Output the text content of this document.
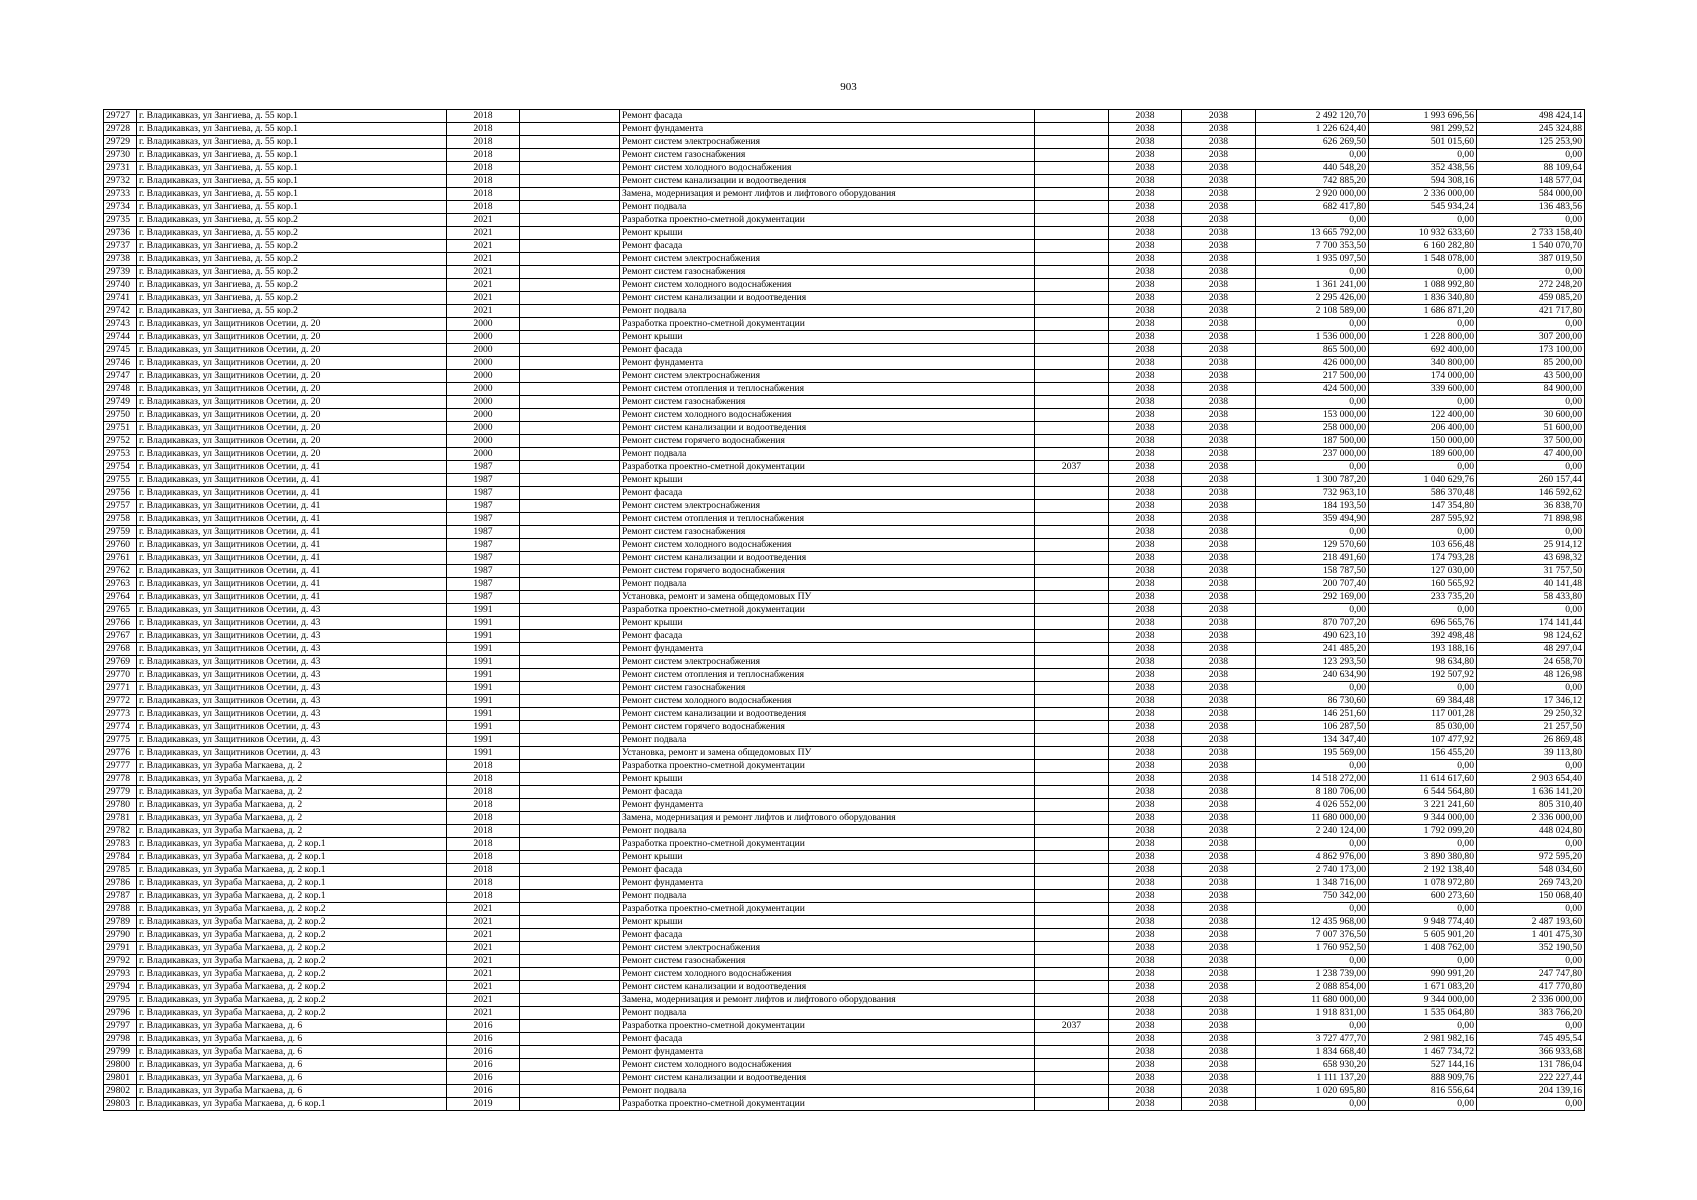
903
29727	г. Владикавказ, ул Зангиева, д. 55 кор.1	2018		Ремонт фасада		2038	2038	2 492 120,70	1 993 696,56	498 424,14
29728	г. Владикавказ, ул Зангиева, д. 55 кор.1	2018		Ремонт фундамента		2038	2038	1 226 624,40	981 299,52	245 324,88
29729	г. Владикавказ, ул Зангиева, д. 55 кор.1	2018		Ремонт систем электроснабжения		2038	2038	626 269,50	501 015,60	125 253,90
29730	г. Владикавказ, ул Зангиева, д. 55 кор.1	2018		Ремонт систем газоснабжения		2038	2038	0,00	0,00	0,00
29731	г. Владикавказ, ул Зангиева, д. 55 кор.1	2018		Ремонт систем холодного водоснабжения		2038	2038	440 548,20	352 438,56	88 109,64
29732	г. Владикавказ, ул Зангиева, д. 55 кор.1	2018		Ремонт систем канализации и водоотведения		2038	2038	742 885,20	594 308,16	148 577,04
29733	г. Владикавказ, ул Зангиева, д. 55 кор.1	2018		Замена, модернизация и ремонт лифтов и лифтового оборудования		2038	2038	2 920 000,00	2 336 000,00	584 000,00
29734	г. Владикавказ, ул Зангиева, д. 55 кор.1	2018		Ремонт подвала		2038	2038	682 417,80	545 934,24	136 483,56
29735	г. Владикавказ, ул Зангиева, д. 55 кор.2	2021		Разработка проектно-сметной документации		2038	2038	0,00	0,00	0,00
29736	г. Владикавказ, ул Зангиева, д. 55 кор.2	2021		Ремонт крыши		2038	2038	13 665 792,00	10 932 633,60	2 733 158,40
29737	г. Владикавказ, ул Зангиева, д. 55 кор.2	2021		Ремонт фасада		2038	2038	7 700 353,50	6 160 282,80	1 540 070,70
29738	г. Владикавказ, ул Зангиева, д. 55 кор.2	2021		Ремонт систем электроснабжения		2038	2038	1 935 097,50	1 548 078,00	387 019,50
29739	г. Владикавказ, ул Зангиева, д. 55 кор.2	2021		Ремонт систем газоснабжения		2038	2038	0,00	0,00	0,00
29740	г. Владикавказ, ул Зангиева, д. 55 кор.2	2021		Ремонт систем холодного водоснабжения		2038	2038	1 361 241,00	1 088 992,80	272 248,20
29741	г. Владикавказ, ул Зангиева, д. 55 кор.2	2021		Ремонт систем канализации и водоотведения		2038	2038	2 295 426,00	1 836 340,80	459 085,20
29742	г. Владикавказ, ул Зангиева, д. 55 кор.2	2021		Ремонт подвала		2038	2038	2 108 589,00	1 686 871,20	421 717,80
29743	г. Владикавказ, ул Защитников Осетии, д. 20	2000		Разработка проектно-сметной документации		2038	2038	0,00	0,00	0,00
29744	г. Владикавказ, ул Защитников Осетии, д. 20	2000		Ремонт крыши		2038	2038	1 536 000,00	1 228 800,00	307 200,00
29745	г. Владикавказ, ул Защитников Осетии, д. 20	2000		Ремонт фасада		2038	2038	865 500,00	692 400,00	173 100,00
29746	г. Владикавказ, ул Защитников Осетии, д. 20	2000		Ремонт фундамента		2038	2038	426 000,00	340 800,00	85 200,00
29747	г. Владикавказ, ул Защитников Осетии, д. 20	2000		Ремонт систем электроснабжения		2038	2038	217 500,00	174 000,00	43 500,00
29748	г. Владикавказ, ул Защитников Осетии, д. 20	2000		Ремонт систем отопления и теплоснабжения		2038	2038	424 500,00	339 600,00	84 900,00
29749	г. Владикавказ, ул Защитников Осетии, д. 20	2000		Ремонт систем газоснабжения		2038	2038	0,00	0,00	0,00
29750	г. Владикавказ, ул Защитников Осетии, д. 20	2000		Ремонт систем холодного водоснабжения		2038	2038	153 000,00	122 400,00	30 600,00
29751	г. Владикавказ, ул Защитников Осетии, д. 20	2000		Ремонт систем канализации и водоотведения		2038	2038	258 000,00	206 400,00	51 600,00
29752	г. Владикавказ, ул Защитников Осетии, д. 20	2000		Ремонт систем горячего водоснабжения		2038	2038	187 500,00	150 000,00	37 500,00
29753	г. Владикавказ, ул Защитников Осетии, д. 20	2000		Ремонт подвала		2038	2038	237 000,00	189 600,00	47 400,00
29754	г. Владикавказ, ул Защитников Осетии, д. 41	1987		Разработка проектно-сметной документации	2037	2038	2038	0,00	0,00	0,00
29755	г. Владикавказ, ул Защитников Осетии, д. 41	1987		Ремонт крыши		2038	2038	1 300 787,20	1 040 629,76	260 157,44
29756	г. Владикавказ, ул Защитников Осетии, д. 41	1987		Ремонт фасада		2038	2038	732 963,10	586 370,48	146 592,62
29757	г. Владикавказ, ул Защитников Осетии, д. 41	1987		Ремонт систем электроснабжения		2038	2038	184 193,50	147 354,80	36 838,70
29758	г. Владикавказ, ул Защитников Осетии, д. 41	1987		Ремонт систем отопления и теплоснабжения		2038	2038	359 494,90	287 595,92	71 898,98
29759	г. Владикавказ, ул Защитников Осетии, д. 41	1987		Ремонт систем газоснабжения		2038	2038	0,00	0,00	0,00
29760	г. Владикавказ, ул Защитников Осетии, д. 41	1987		Ремонт систем холодного водоснабжения		2038	2038	129 570,60	103 656,48	25 914,12
29761	г. Владикавказ, ул Защитников Осетии, д. 41	1987		Ремонт систем канализации и водоотведения		2038	2038	218 491,60	174 793,28	43 698,32
29762	г. Владикавказ, ул Защитников Осетии, д. 41	1987		Ремонт систем горячего водоснабжения		2038	2038	158 787,50	127 030,00	31 757,50
29763	г. Владикавказ, ул Защитников Осетии, д. 41	1987		Ремонт подвала		2038	2038	200 707,40	160 565,92	40 141,48
29764	г. Владикавказ, ул Защитников Осетии, д. 41	1987		Установка, ремонт и замена общедомовых ПУ		2038	2038	292 169,00	233 735,20	58 433,80
29765	г. Владикавказ, ул Защитников Осетии, д. 43	1991		Разработка проектно-сметной документации		2038	2038	0,00	0,00	0,00
29766	г. Владикавказ, ул Защитников Осетии, д. 43	1991		Ремонт крыши		2038	2038	870 707,20	696 565,76	174 141,44
29767	г. Владикавказ, ул Защитников Осетии, д. 43	1991		Ремонт фасада		2038	2038	490 623,10	392 498,48	98 124,62
29768	г. Владикавказ, ул Защитников Осетии, д. 43	1991		Ремонт фундамента		2038	2038	241 485,20	193 188,16	48 297,04
29769	г. Владикавказ, ул Защитников Осетии, д. 43	1991		Ремонт систем электроснабжения		2038	2038	123 293,50	98 634,80	24 658,70
29770	г. Владикавказ, ул Защитников Осетии, д. 43	1991		Ремонт систем отопления и теплоснабжения		2038	2038	240 634,90	192 507,92	48 126,98
29771	г. Владикавказ, ул Защитников Осетии, д. 43	1991		Ремонт систем газоснабжения		2038	2038	0,00	0,00	0,00
29772	г. Владикавказ, ул Защитников Осетии, д. 43	1991		Ремонт систем холодного водоснабжения		2038	2038	86 730,60	69 384,48	17 346,12
29773	г. Владикавказ, ул Защитников Осетии, д. 43	1991		Ремонт систем канализации и водоотведения		2038	2038	146 251,60	117 001,28	29 250,32
29774	г. Владикавказ, ул Защитников Осетии, д. 43	1991		Ремонт систем горячего водоснабжения		2038	2038	106 287,50	85 030,00	21 257,50
29775	г. Владикавказ, ул Защитников Осетии, д. 43	1991		Ремонт подвала		2038	2038	134 347,40	107 477,92	26 869,48
29776	г. Владикавказ, ул Защитников Осетии, д. 43	1991		Установка, ремонт и замена общедомовых ПУ		2038	2038	195 569,00	156 455,20	39 113,80
29777	г. Владикавказ, ул Зураба Магкаева, д. 2	2018		Разработка проектно-сметной документации		2038	2038	0,00	0,00	0,00
29778	г. Владикавказ, ул Зураба Магкаева, д. 2	2018		Ремонт крыши		2038	2038	14 518 272,00	11 614 617,60	2 903 654,40
29779	г. Владикавказ, ул Зураба Магкаева, д. 2	2018		Ремонт фасада		2038	2038	8 180 706,00	6 544 564,80	1 636 141,20
29780	г. Владикавказ, ул Зураба Магкаева, д. 2	2018		Ремонт фундамента		2038	2038	4 026 552,00	3 221 241,60	805 310,40
29781	г. Владикавказ, ул Зураба Магкаева, д. 2	2018		Замена, модернизация и ремонт лифтов и лифтового оборудования		2038	2038	11 680 000,00	9 344 000,00	2 336 000,00
29782	г. Владикавказ, ул Зураба Магкаева, д. 2	2018		Ремонт подвала		2038	2038	2 240 124,00	1 792 099,20	448 024,80
29783	г. Владикавказ, ул Зураба Магкаева, д. 2 кор.1	2018		Разработка проектно-сметной документации		2038	2038	0,00	0,00	0,00
29784	г. Владикавказ, ул Зураба Магкаева, д. 2 кор.1	2018		Ремонт крыши		2038	2038	4 862 976,00	3 890 380,80	972 595,20
29785	г. Владикавказ, ул Зураба Магкаева, д. 2 кор.1	2018		Ремонт фасада		2038	2038	2 740 173,00	2 192 138,40	548 034,60
29786	г. Владикавказ, ул Зураба Магкаева, д. 2 кор.1	2018		Ремонт фундамента		2038	2038	1 348 716,00	1 078 972,80	269 743,20
29787	г. Владикавказ, ул Зураба Магкаева, д. 2 кор.1	2018		Ремонт подвала		2038	2038	750 342,00	600 273,60	150 068,40
29788	г. Владикавказ, ул Зураба Магкаева, д. 2 кор.2	2021		Разработка проектно-сметной документации		2038	2038	0,00	0,00	0,00
29789	г. Владикавказ, ул Зураба Магкаева, д. 2 кор.2	2021		Ремонт крыши		2038	2038	12 435 968,00	9 948 774,40	2 487 193,60
29790	г. Владикавказ, ул Зураба Магкаева, д. 2 кор.2	2021		Ремонт фасада		2038	2038	7 007 376,50	5 605 901,20	1 401 475,30
29791	г. Владикавказ, ул Зураба Магкаева, д. 2 кор.2	2021		Ремонт систем электроснабжения		2038	2038	1 760 952,50	1 408 762,00	352 190,50
29792	г. Владикавказ, ул Зураба Магкаева, д. 2 кор.2	2021		Ремонт систем газоснабжения		2038	2038	0,00	0,00	0,00
29793	г. Владикавказ, ул Зураба Магкаева, д. 2 кор.2	2021		Ремонт систем холодного водоснабжения		2038	2038	1 238 739,00	990 991,20	247 747,80
29794	г. Владикавказ, ул Зураба Магкаева, д. 2 кор.2	2021		Ремонт систем канализации и водоотведения		2038	2038	2 088 854,00	1 671 083,20	417 770,80
29795	г. Владикавказ, ул Зураба Магкаева, д. 2 кор.2	2021		Замена, модернизация и ремонт лифтов и лифтового оборудования		2038	2038	11 680 000,00	9 344 000,00	2 336 000,00
29796	г. Владикавказ, ул Зураба Магкаева, д. 2 кор.2	2021		Ремонт подвала		2038	2038	1 918 831,00	1 535 064,80	383 766,20
29797	г. Владикавказ, ул Зураба Магкаева, д. 6	2016		Разработка проектно-сметной документации	2037	2038	2038	0,00	0,00	0,00
29798	г. Владикавказ, ул Зураба Магкаева, д. 6	2016		Ремонт фасада		2038	2038	3 727 477,70	2 981 982,16	745 495,54
29799	г. Владикавказ, ул Зураба Магкаева, д. 6	2016		Ремонт фундамента		2038	2038	1 834 668,40	1 467 734,72	366 933,68
29800	г. Владикавказ, ул Зураба Магкаева, д. 6	2016		Ремонт систем холодного водоснабжения		2038	2038	658 930,20	527 144,16	131 786,04
29801	г. Владикавказ, ул Зураба Магкаева, д. 6	2016		Ремонт систем канализации и водоотведения		2038	2038	1 111 137,20	888 909,76	222 227,44
29802	г. Владикавказ, ул Зураба Магкаева, д. 6	2016		Ремонт подвала		2038	2038	1 020 695,80	816 556,64	204 139,16
29803	г. Владикавказ, ул Зураба Магкаева, д. 6 кор.1	2019		Разработка проектно-сметной документации		2038	2038	0,00	0,00	0,00
